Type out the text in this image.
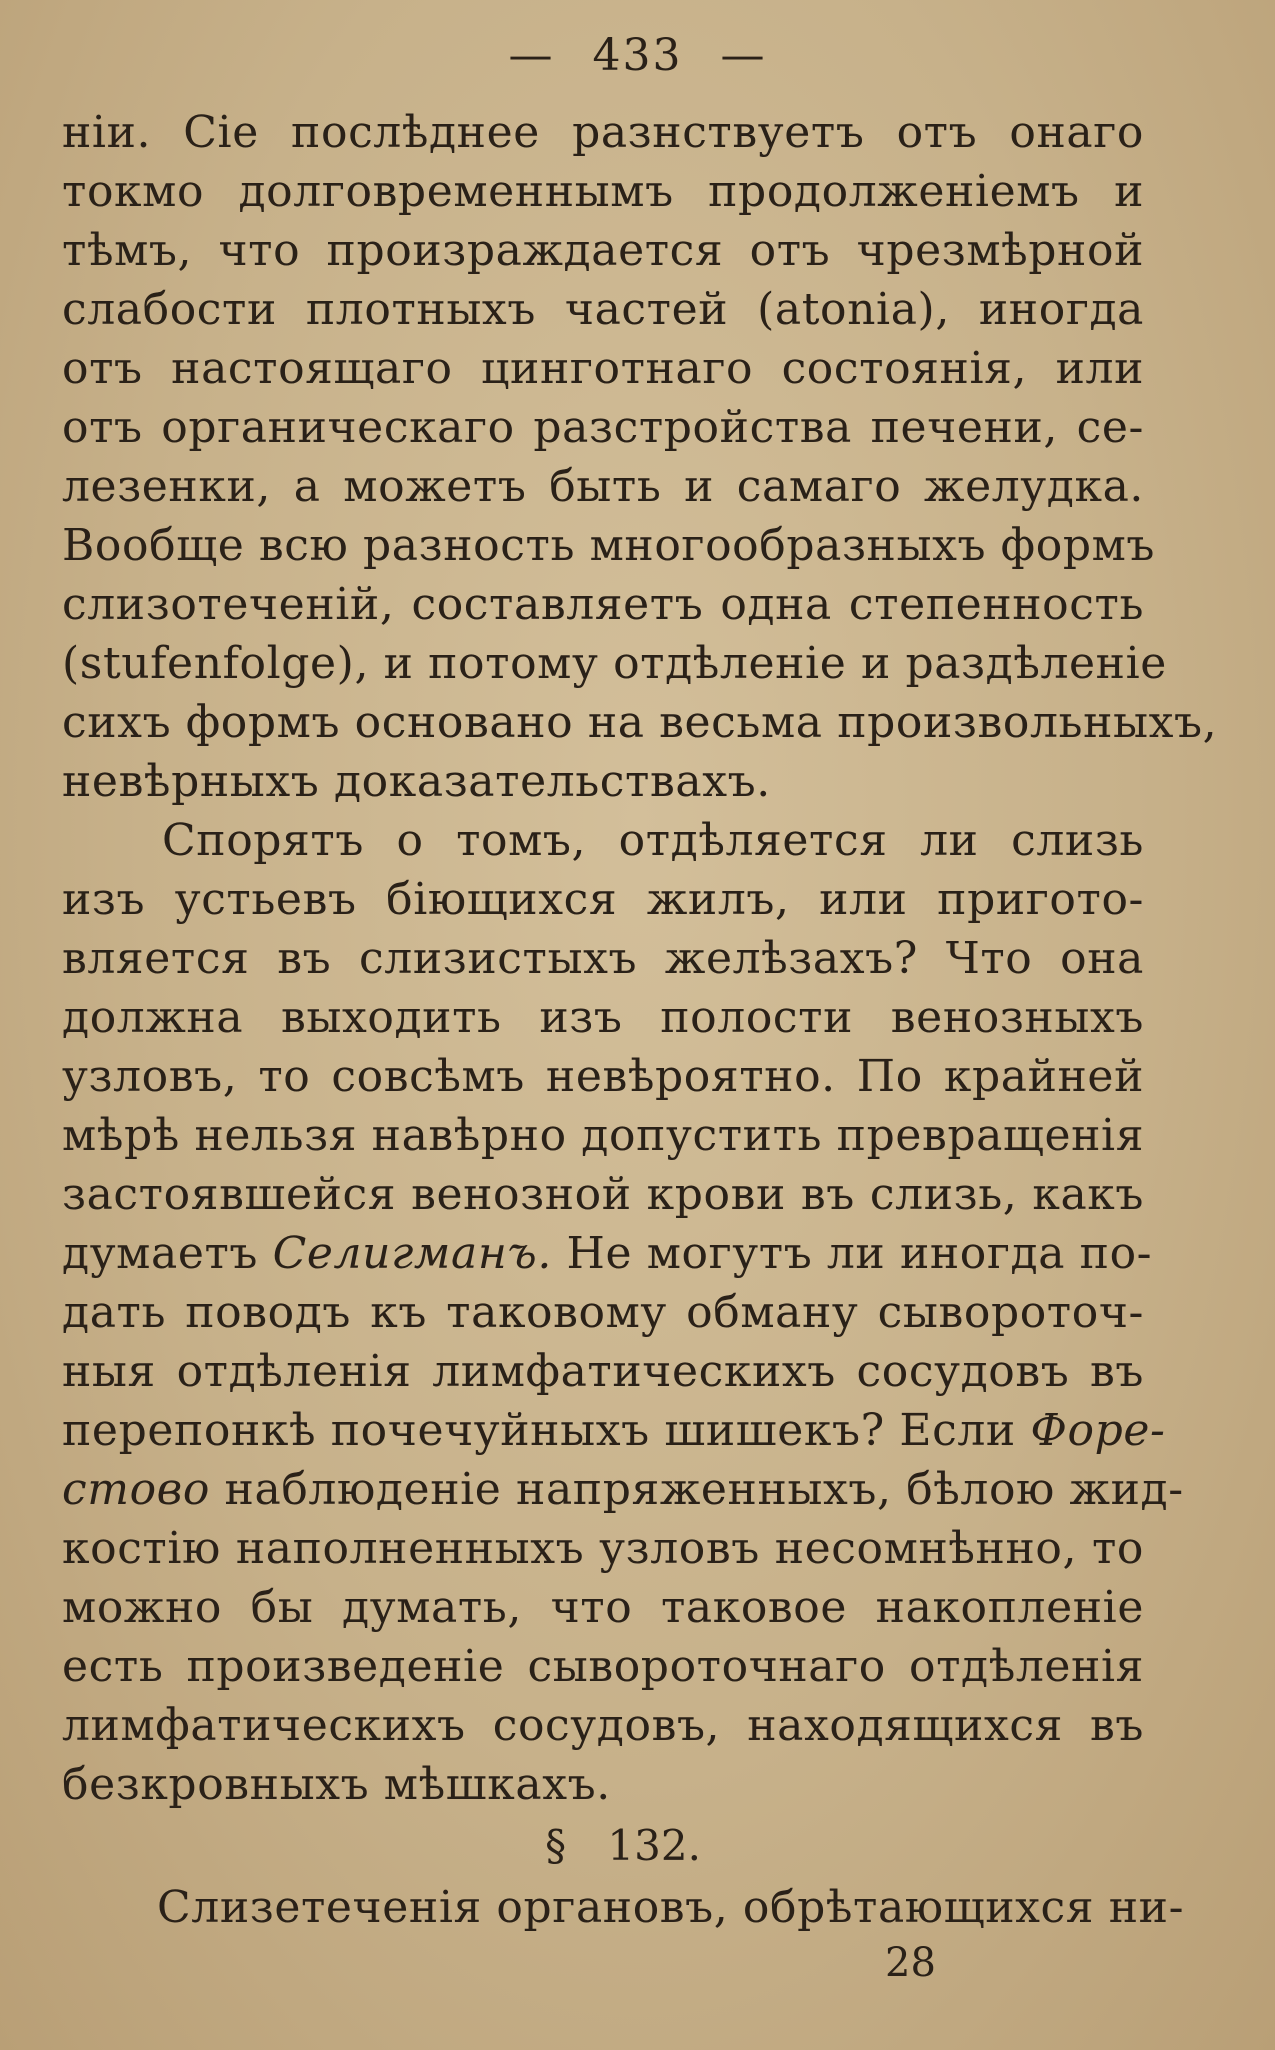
— 433 —
нiи. Сiе послѣднее разнствуетъ отъ онаго
токмо долговременнымъ продолженiемъ и
тѣмъ, что произраждается отъ чрезмѣрной
слабости плотныхъ частей (atonia), иногда
отъ настоящаго цинготнаго состоянiя, или
отъ органическаго разстройства печени, се-
лезенки, а можетъ быть и самаго желудка.
Вообще всю разность многообразныхъ формъ
слизотеченiй, составляетъ одна степенность
(stufenfolge), и потому отдѣленiе и раздѣленiе
сихъ формъ основано на весьма произвольныхъ,
невѣрныхъ доказательствахъ.
Спорятъ о томъ, отдѣляется ли слизь
изъ устьевъ бiющихся жилъ, или пригото-
вляется въ слизистыхъ желѣзахъ? Что она
должна выходить изъ полости венозныхъ
узловъ, то совсѣмъ невѣроятно. По крайней
мѣрѣ нельзя навѣрно допустить превращенiя
застоявшейся венозной крови въ слизь, какъ
думаетъ Селигманъ. Не могутъ ли иногда по-
дать поводъ къ таковому обману сывороточ-
ныя отдѣленiя лимфатическихъ сосудовъ въ
перепонкѣ почечуйныхъ шишекъ? Если Форе-
стово наблюденiе напряженныхъ, бѣлою жид-
костiю наполненныхъ узловъ несомнѣнно, то
можно бы думать, что таковое накопленiе
есть произведенiе сывороточнаго отдѣленiя
лимфатическихъ сосудовъ, находящихся въ
безкровныхъ мѣшкахъ.
§ 132.
Слизетеченiя органовъ, обрѣтающихся ни-
28
